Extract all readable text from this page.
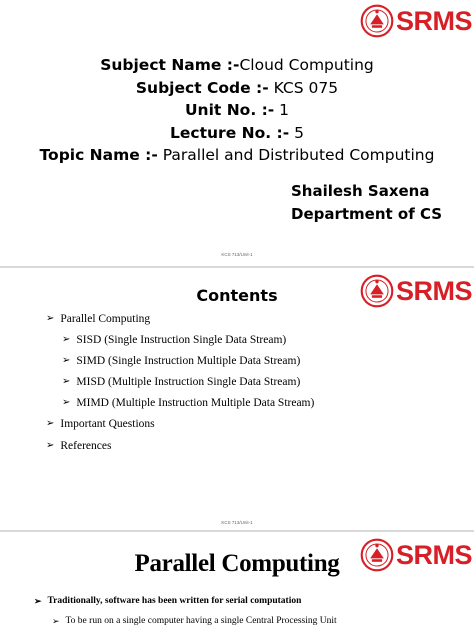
SRMS
Subject Name :-Cloud Computing
Subject Code :- KCS 075
Unit No. :- 1
Lecture No. :- 5
Topic Name :- Parallel and Distributed Computing
Shailesh Saxena
Department of CS
KCS 713/Unit-1
SRMS
Contents
➢ Parallel Computing
➢ SISD (Single Instruction Single Data Stream)
➢ SIMD (Single Instruction Multiple Data Stream)
➢ MISD (Multiple Instruction Single Data Stream)
➢ MIMD (Multiple Instruction Multiple Data Stream)
➢ Important Questions
➢ References
KCS 713/Unit-1
SRMS
Parallel Computing
➢ Traditionally, software has been written for serial computation
➢ To be run on a single computer having a single Central Processing Unit
